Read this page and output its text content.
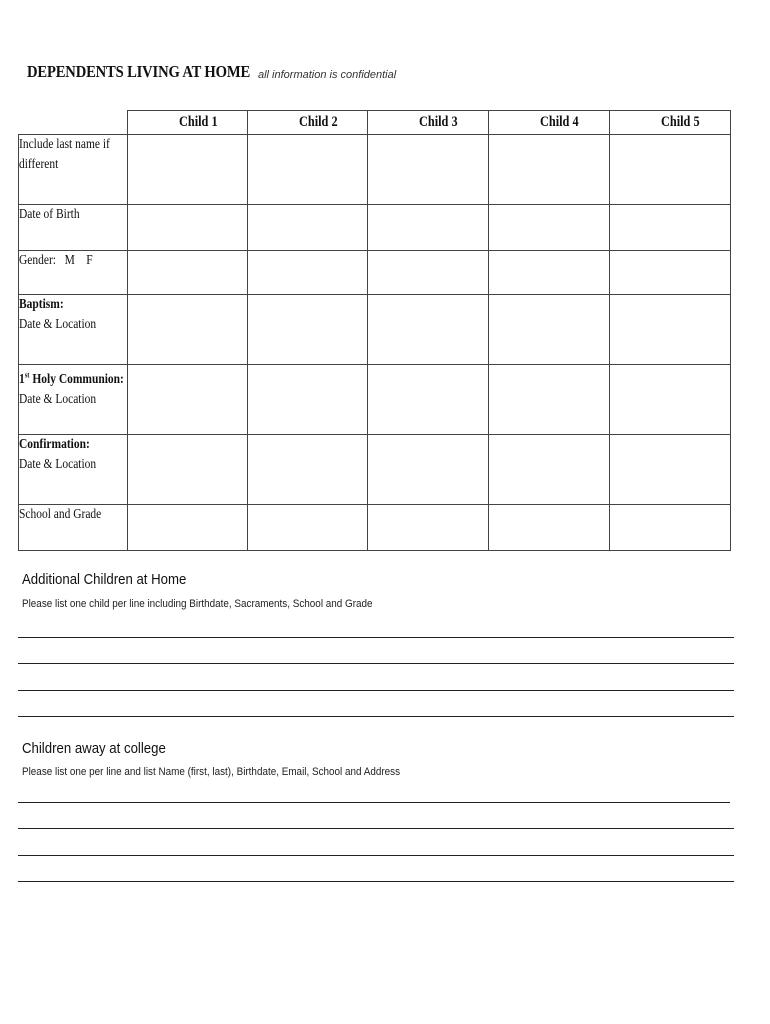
DEPENDENTS LIVING AT HOME all information is confidential
	Child 1	Child 2	Child 3	Child 4	Child 5

Include last name if
different					

Date of Birth					

Gender:   M    F					

Baptism:
Date & Location					

1st Holy Communion:
Date & Location					

Confirmation:
Date & Location					

School and Grade					

Additional Children at Home
Please list one child per line including Birthdate, Sacraments, School and Grade
Children away at college
Please list one per line and list Name (first, last), Birthdate, Email, School and Address
